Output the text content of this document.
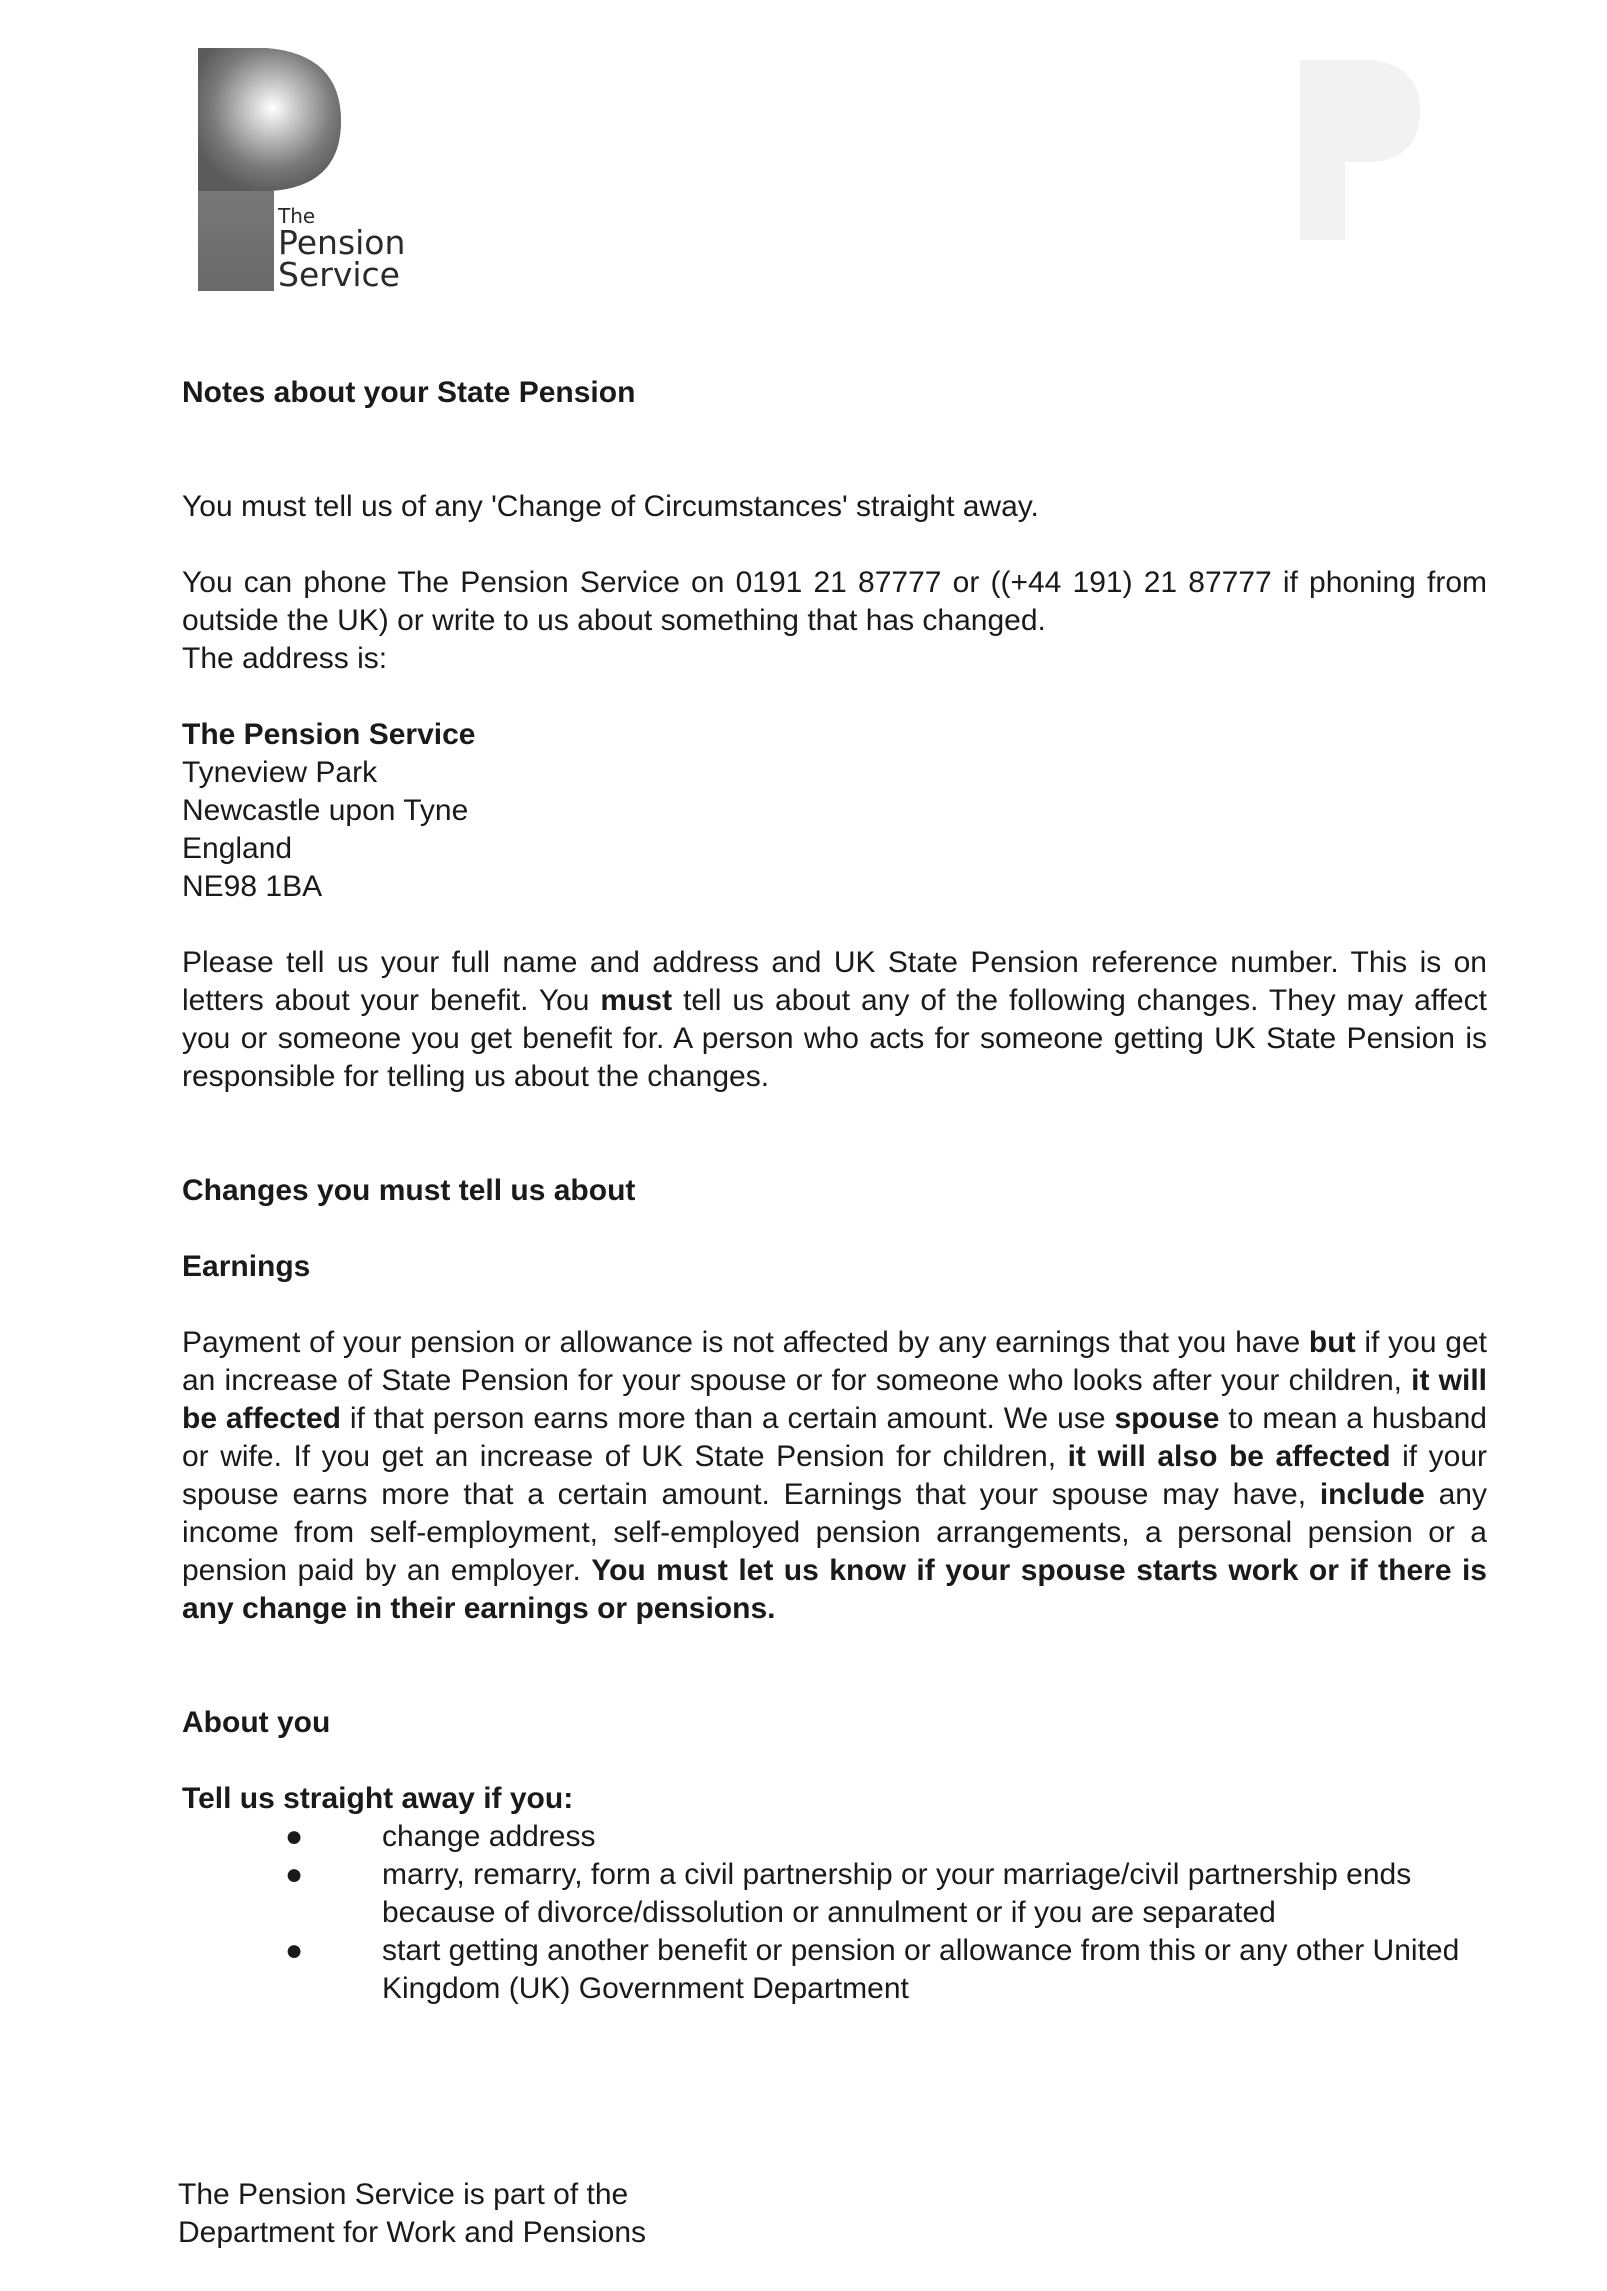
The
Pension
Service

Notes about your State Pension

You must tell us of any 'Change of Circumstances' straight away.

You can phone The Pension Service on 0191 21 87777 or ((+44 191) 21 87777 if phoning from outside the UK) or write to us about something that has changed.

The address is:

The Pension Service

Tyneview Park

Newcastle upon Tyne

England

NE98 1BA

Please tell us your full name and address and UK State Pension reference number. This is on letters about your benefit. You must tell us about any of the following changes. They may affect you or someone you get benefit for. A person who acts for someone getting UK State Pension is responsible for telling us about the changes.

Changes you must tell us about

Earnings

Payment of your pension or allowance is not affected by any earnings that you have but if you get an increase of State Pension for your spouse or for someone who looks after your children, it will be affected if that person earns more than a certain amount. We use spouse to mean a husband or wife. If you get an increase of UK State Pension for children, it will also be affected if your spouse earns more that a certain amount. Earnings that your spouse may have, include any income from self-employment, self-employed pension arrangements, a personal pension or a pension paid by an employer. You must let us know if your spouse starts work or if there is any change in their earnings or pensions.

About you

Tell us straight away if you:

●	change address
●	marry, remarry, form a civil partnership or your marriage/civil partnership ends because of divorce/dissolution or annulment or if you are separated
●	start getting another benefit or pension or allowance from this or any other United Kingdom (UK) Government Department

The Pension Service is part of the

Department for Work and Pensions
